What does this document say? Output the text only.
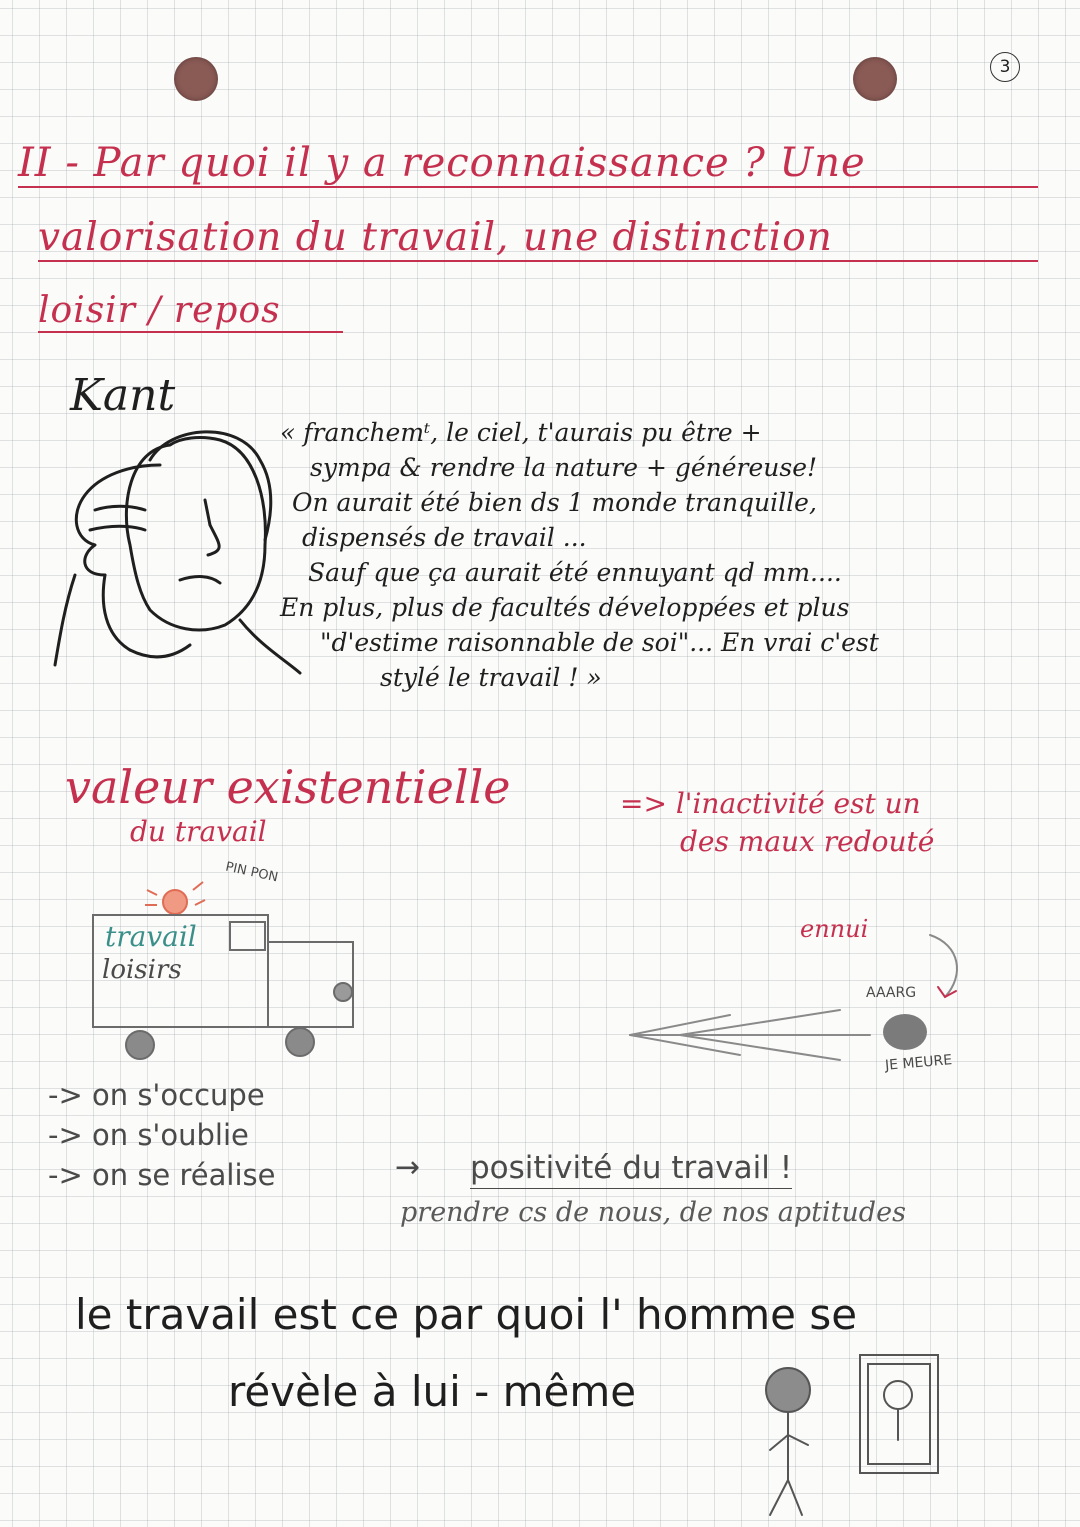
3
II - Par quoi il y a reconnaissance ? Une
valorisation du travail, une distinction
loisir / repos
Kant
« franchemᵗ, le ciel, t'aurais pu être +
sympa & rendre la nature + généreuse!
On aurait été bien ds 1 monde tranquille,
dispensés de travail ...
Sauf que ça aurait été ennuyant qd mm....
En plus, plus de facultés développées et plus
"d'estime raisonnable de soi"... En vrai c'est
stylé le travail ! »
valeur existentielle
du travail
=> l'inactivité est un
des maux redouté
PIN PON
travail
loisirs
ennui
AAARG
JE MEURE
-> on s'occupe
-> on s'oublie
-> on se réalise	→ positivité du travail !
prendre cs de nous, de nos aptitudes
le travail est ce par quoi l' homme se
révèle à lui - même
